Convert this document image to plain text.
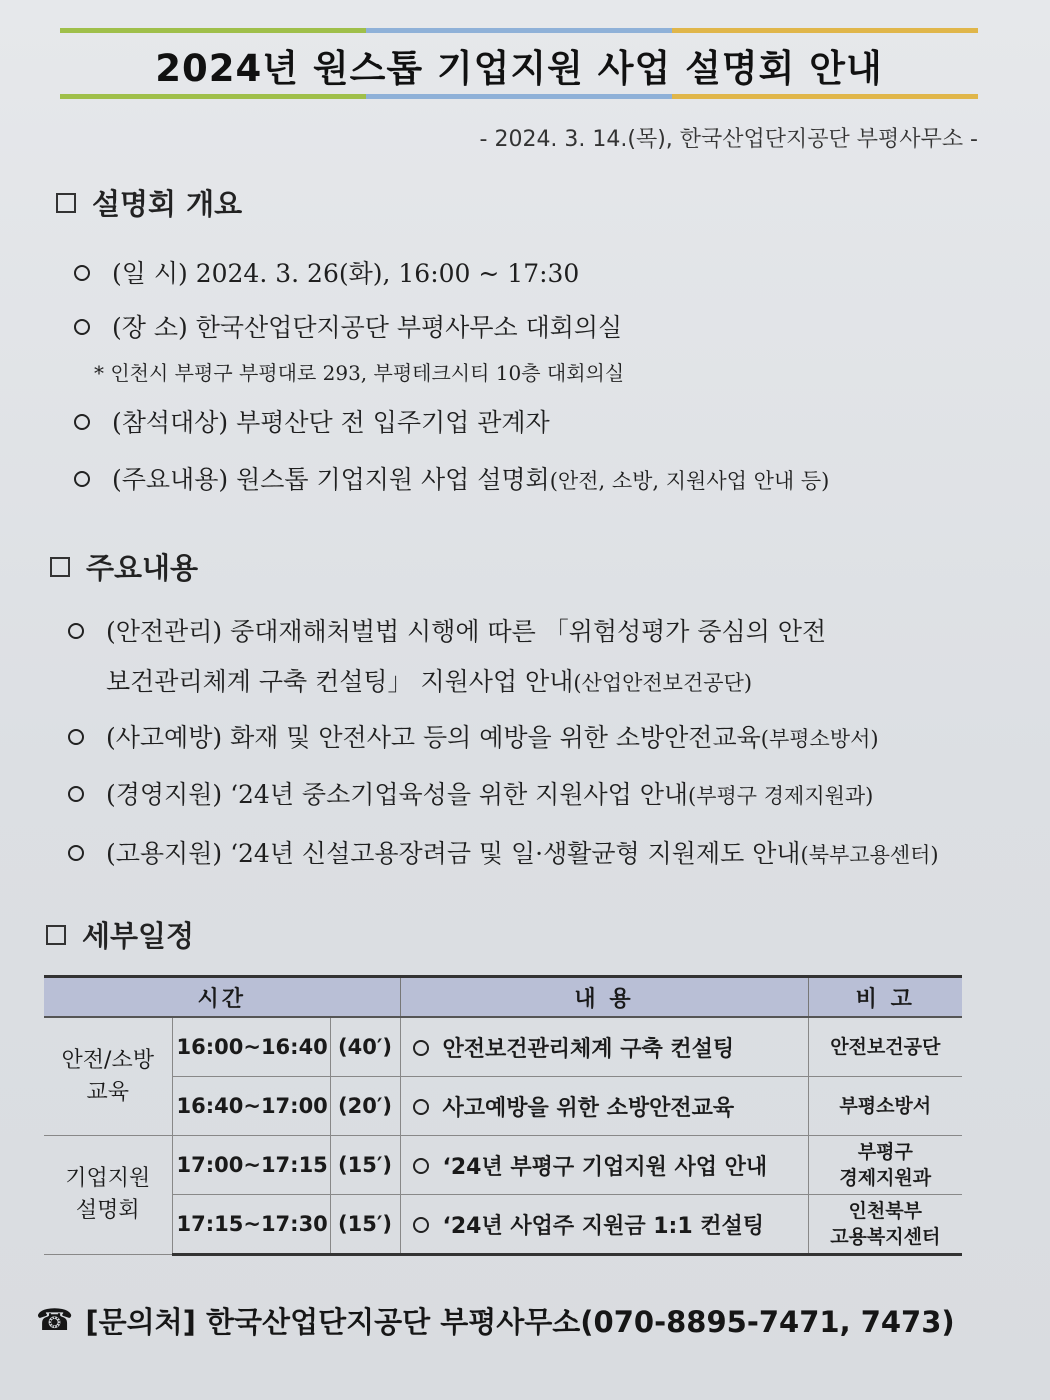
2024년 원스톱 기업지원 사업 설명회 안내
- 2024. 3. 14.(목), 한국산업단지공단 부평사무소 -
설명회 개요
(일 시) 2024. 3. 26(화), 16:00 ~ 17:30
(장 소) 한국산업단지공단 부평사무소 대회의실
* 인천시 부평구 부평대로 293, 부평테크시티 10층 대회의실
(참석대상) 부평산단 전 입주기업 관계자
(주요내용) 원스톱 기업지원 사업 설명회(안전, 소방, 지원사업 안내 등)
주요내용
(안전관리) 중대재해처벌법 시행에 따른 「위험성평가 중심의 안전
보건관리체계 구축 컨설팅」 지원사업 안내(산업안전보건공단)
(사고예방) 화재 및 안전사고 등의 예방을 위한 소방안전교육(부평소방서)
(경영지원) ‘24년 중소기업육성을 위한 지원사업 안내(부평구 경제지원과)
(고용지원) ‘24년 신설고용장려금 및 일·생활균형 지원제도 안내(북부고용센터)
세부일정
시간			내 용	비 고
안전/소방
교육	16:00~16:40	(40′)	안전보건관리체계 구축 컨설팅	안전보건공단
	16:40~17:00	(20′)	사고예방을 위한 소방안전교육	부평소방서
기업지원
설명회	17:00~17:15	(15′)	‘24년 부평구 기업지원 사업 안내	부평구
경제지원과
	17:15~17:30	(15′)	‘24년 사업주 지원금 1:1 컨설팅	인천북부
고용복지센터
☎ [문의처] 한국산업단지공단 부평사무소(070-8895-7471, 7473)
